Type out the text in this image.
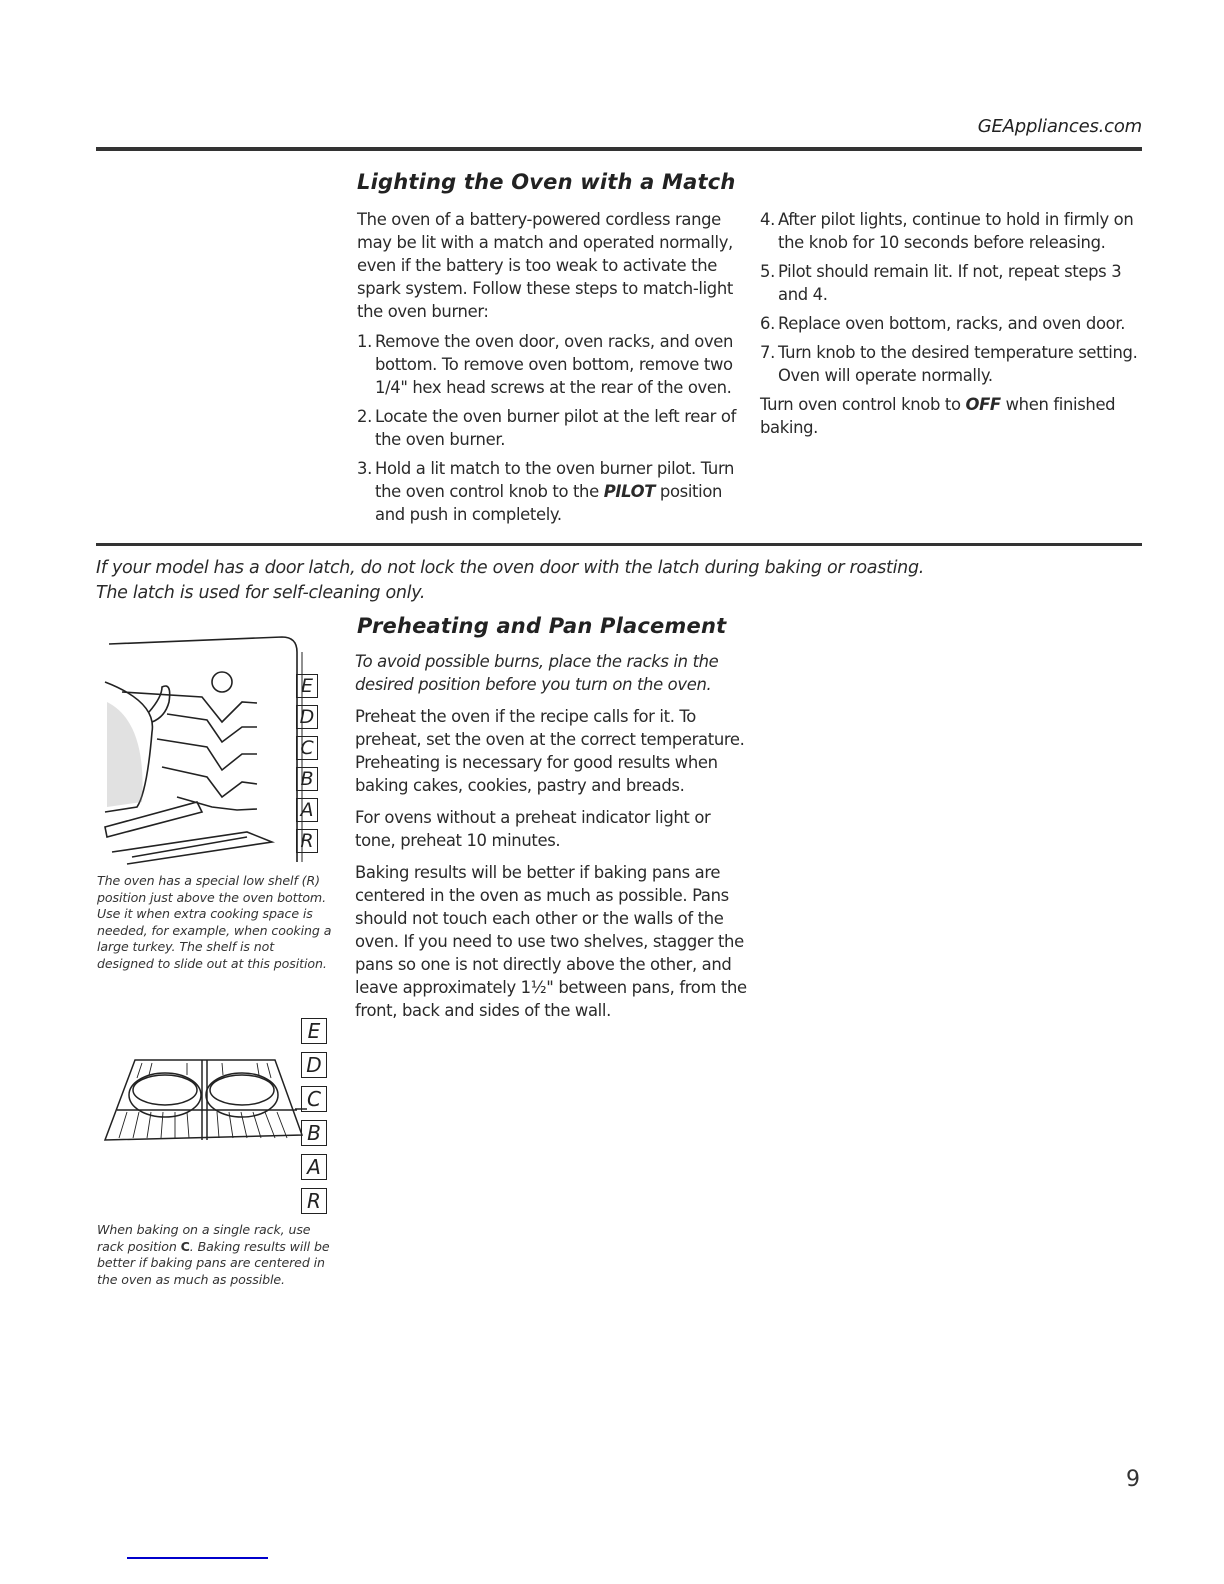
GEAppliances.com
Lighting the Oven with a Match

The oven of a battery-powered cordless range may be lit with a match and operated normally, even if the battery is too weak to activate the spark system. Follow these steps to match-light the oven burner:

1. Remove the oven door, oven racks, and oven bottom. To remove oven bottom, remove two 1/4" hex head screws at the rear of the oven.
2. Locate the oven burner pilot at the left rear of the oven burner.
3. Hold a lit match to the oven burner pilot. Turn the oven control knob to the PILOT position and push in completely.
4. After pilot lights, continue to hold in firmly on the knob for 10 seconds before releasing.
5. Pilot should remain lit. If not, repeat steps 3 and 4.
6. Replace oven bottom, racks, and oven door.
7. Turn knob to the desired temperature setting. Oven will operate normally.

Turn oven control knob to OFF when finished baking.

If your model has a door latch, do not lock the oven door with the latch during baking or roasting.
The latch is used for self-cleaning only.
E
D
C
B
A
R
The oven has a special low shelf (R) position just above the oven bottom. Use it when extra cooking space is needed, for example, when cooking a large turkey. The shelf is not designed to slide out at this position.
E
D
C
B
A
R
When baking on a single rack, use rack position C. Baking results will be better if baking pans are centered in the oven as much as possible.
Preheating and Pan Placement

To avoid possible burns, place the racks in the desired position before you turn on the oven.

Preheat the oven if the recipe calls for it. To preheat, set the oven at the correct temperature. Preheating is necessary for good results when baking cakes, cookies, pastry and breads.

For ovens without a preheat indicator light or tone, preheat 10 minutes.

Baking results will be better if baking pans are centered in the oven as much as possible. Pans should not touch each other or the walls of the oven. If you need to use two shelves, stagger the pans so one is not directly above the other, and leave approximately 1½" between pans, from the front, back and sides of the wall.

9
